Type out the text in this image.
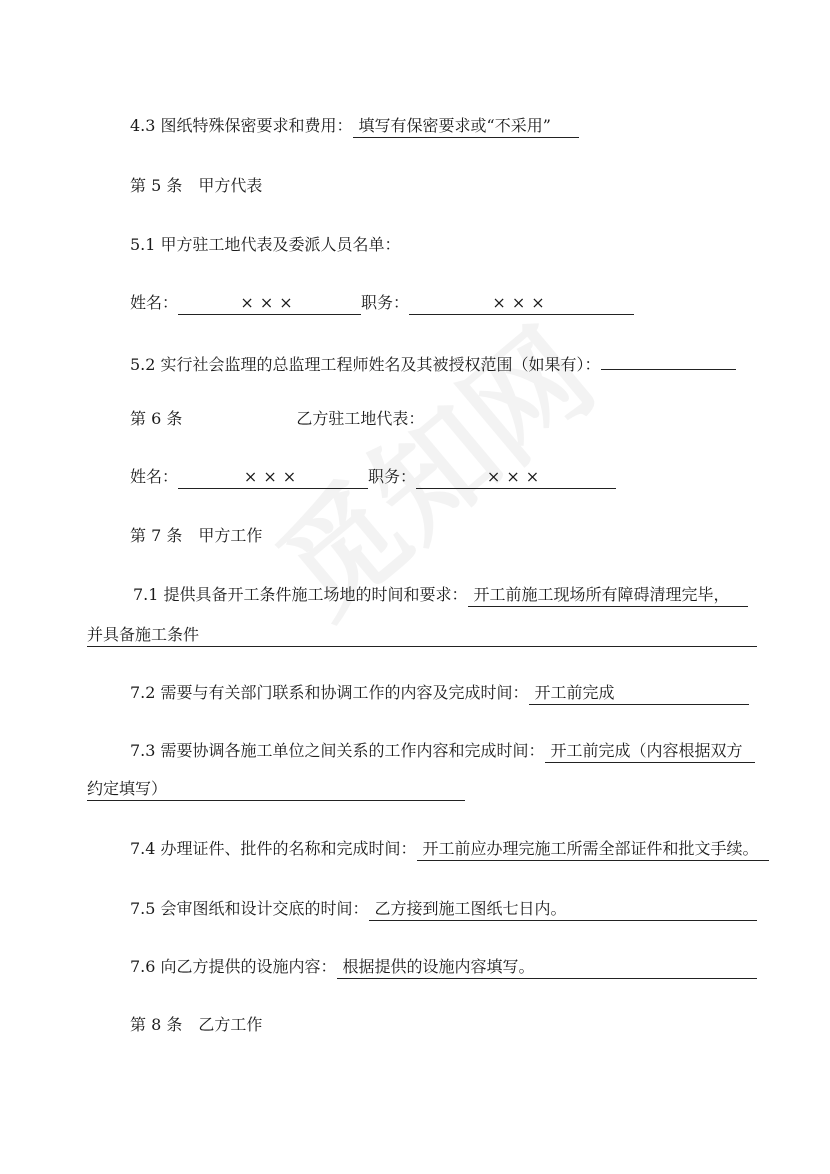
4.3 图纸特殊保密要求和费用： 填写有保密要求或“不采用”
第 5 条 甲方代表
5.1 甲方驻工地代表及委派人员名单：
姓名：	×××	职务：	×××
5.2 实行社会监理的总监理工程师姓名及其被授权范围（如果有）：
第 6 条	乙方驻工地代表：
姓名：	×××	职务：	×××
第 7 条 甲方工作
7.1 提供具备开工条件施工场地的时间和要求： 开工前施工现场所有障碍清理完毕，
并具备施工条件
7.2 需要与有关部门联系和协调工作的内容及完成时间： 开工前完成
7.3 需要协调各施工单位之间关系的工作内容和完成时间： 开工前完成（内容根据双方
约定填写）
7.4 办理证件、批件的名称和完成时间： 开工前应办理完施工所需全部证件和批文手续。
7.5 会审图纸和设计交底的时间： 乙方接到施工图纸七日内。
7.6 向乙方提供的设施内容： 根据提供的设施内容填写。
第 8 条 乙方工作
